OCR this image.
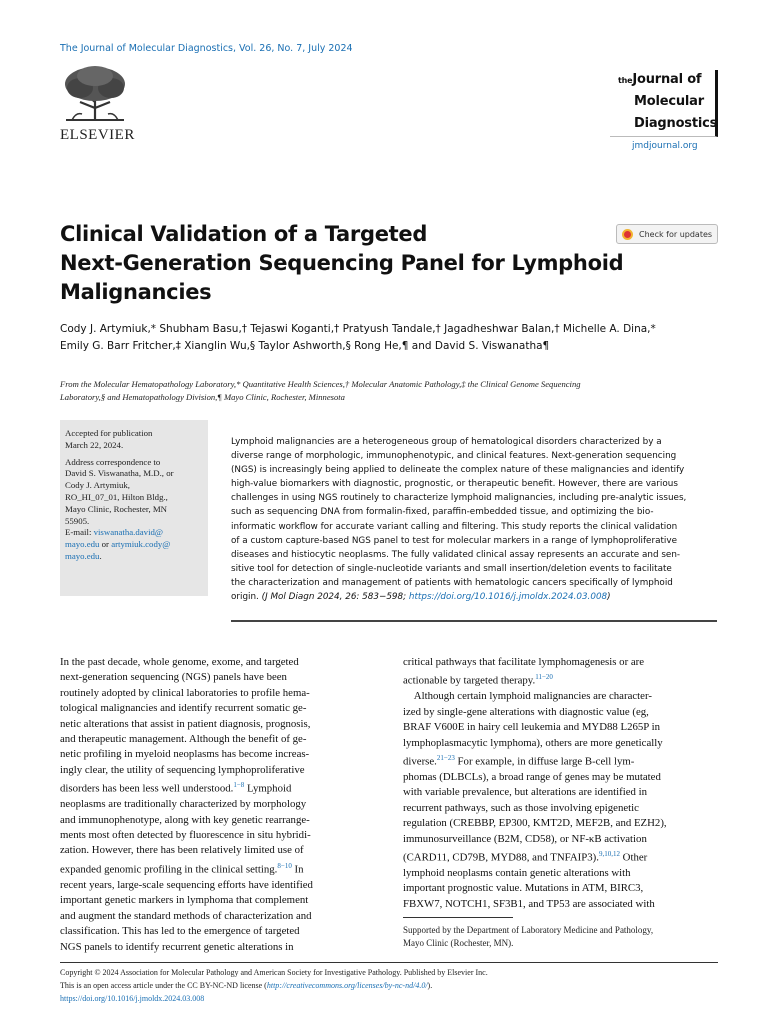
The Journal of Molecular Diagnostics, Vol. 26, No. 7, July 2024
ELSEVIER
theJournal of
Molecular
Diagnostics
jmdjournal.org
Clinical Validation of a Targeted
Next-Generation Sequencing Panel for Lymphoid
Malignancies
Check for updates
Cody J. Artymiuk,* Shubham Basu,† Tejaswi Koganti,† Pratyush Tandale,† Jagadheshwar Balan,† Michelle A. Dina,*
Emily G. Barr Fritcher,‡ Xianglin Wu,§ Taylor Ashworth,§ Rong He,¶ and David S. Viswanatha¶
From the Molecular Hematopathology Laboratory,* Quantitative Health Sciences,† Molecular Anatomic Pathology,‡ the Clinical Genome Sequencing
Laboratory,§ and Hematopathology Division,¶ Mayo Clinic, Rochester, Minnesota
Accepted for publication
March 22, 2024.
Address correspondence to
David S. Viswanatha, M.D., or
Cody J. Artymiuk,
RO_HI_07_01, Hilton Bldg.,
Mayo Clinic, Rochester, MN
55905.
E-mail: viswanatha.david@
mayo.edu or artymiuk.cody@
mayo.edu.
Lymphoid malignancies are a heterogeneous group of hematological disorders characterized by a
diverse range of morphologic, immunophenotypic, and clinical features. Next-generation sequencing
(NGS) is increasingly being applied to delineate the complex nature of these malignancies and identify
high-value biomarkers with diagnostic, prognostic, or therapeutic benefit. However, there are various
challenges in using NGS routinely to characterize lymphoid malignancies, including pre-analytic issues,
such as sequencing DNA from formalin-fixed, paraffin-embedded tissue, and optimizing the bio-
informatic workflow for accurate variant calling and filtering. This study reports the clinical validation
of a custom capture-based NGS panel to test for molecular markers in a range of lymphoproliferative
diseases and histiocytic neoplasms. The fully validated clinical assay represents an accurate and sen-
sitive tool for detection of single-nucleotide variants and small insertion/deletion events to facilitate
the characterization and management of patients with hematologic cancers specifically of lymphoid
origin. (J Mol Diagn 2024, 26: 583−598; https://doi.org/10.1016/j.jmoldx.2024.03.008)
In the past decade, whole genome, exome, and targeted
next-generation sequencing (NGS) panels have been
routinely adopted by clinical laboratories to profile hema-
tological malignancies and identify recurrent somatic ge-
netic alterations that assist in patient diagnosis, prognosis,
and therapeutic management. Although the benefit of ge-
netic profiling in myeloid neoplasms has become increas-
ingly clear, the utility of sequencing lymphoproliferative
disorders has been less well understood.$^{1-8}$ Lymphoid
neoplasms are traditionally characterized by morphology
and immunophenotype, along with key genetic rearrange-
ments most often detected by fluorescence in situ hybridi-
zation. However, there has been relatively limited use of
expanded genomic profiling in the clinical setting.$^{8-10}$ In
recent years, large-scale sequencing efforts have identified
important genetic markers in lymphoma that complement
and augment the standard methods of characterization and
classification. This has led to the emergence of targeted
NGS panels to identify recurrent genetic alterations in
critical pathways that facilitate lymphomagenesis or are
actionable by targeted therapy.$^{11-20}$
 Although certain lymphoid malignancies are character-
ized by single-gene alterations with diagnostic value (eg,
BRAF V600E in hairy cell leukemia and MYD88 L265P in
lymphoplasmacytic lymphoma), others are more genetically
diverse.$^{21-23}$ For example, in diffuse large B-cell lym-
phomas (DLBCLs), a broad range of genes may be mutated
with variable prevalence, but alterations are identified in
recurrent pathways, such as those involving epigenetic
regulation (CREBBP, EP300, KMT2D, MEF2B, and EZH2),
immunosurveillance (B2M, CD58), or NF-κB activation
(CARD11, CD79B, MYD88, and TNFAIP3).$^{9,10,12}$ Other
lymphoid neoplasms contain genetic alterations with
important prognostic value. Mutations in ATM, BIRC3,
FBXW7, NOTCH1, SF3B1, and TP53 are associated with
Supported by the Department of Laboratory Medicine and Pathology,
Mayo Clinic (Rochester, MN).
Copyright © 2024 Association for Molecular Pathology and American Society for Investigative Pathology. Published by Elsevier Inc.
This is an open access article under the CC BY-NC-ND license (http://creativecommons.org/licenses/by-nc-nd/4.0/).
https://doi.org/10.1016/j.jmoldx.2024.03.008
